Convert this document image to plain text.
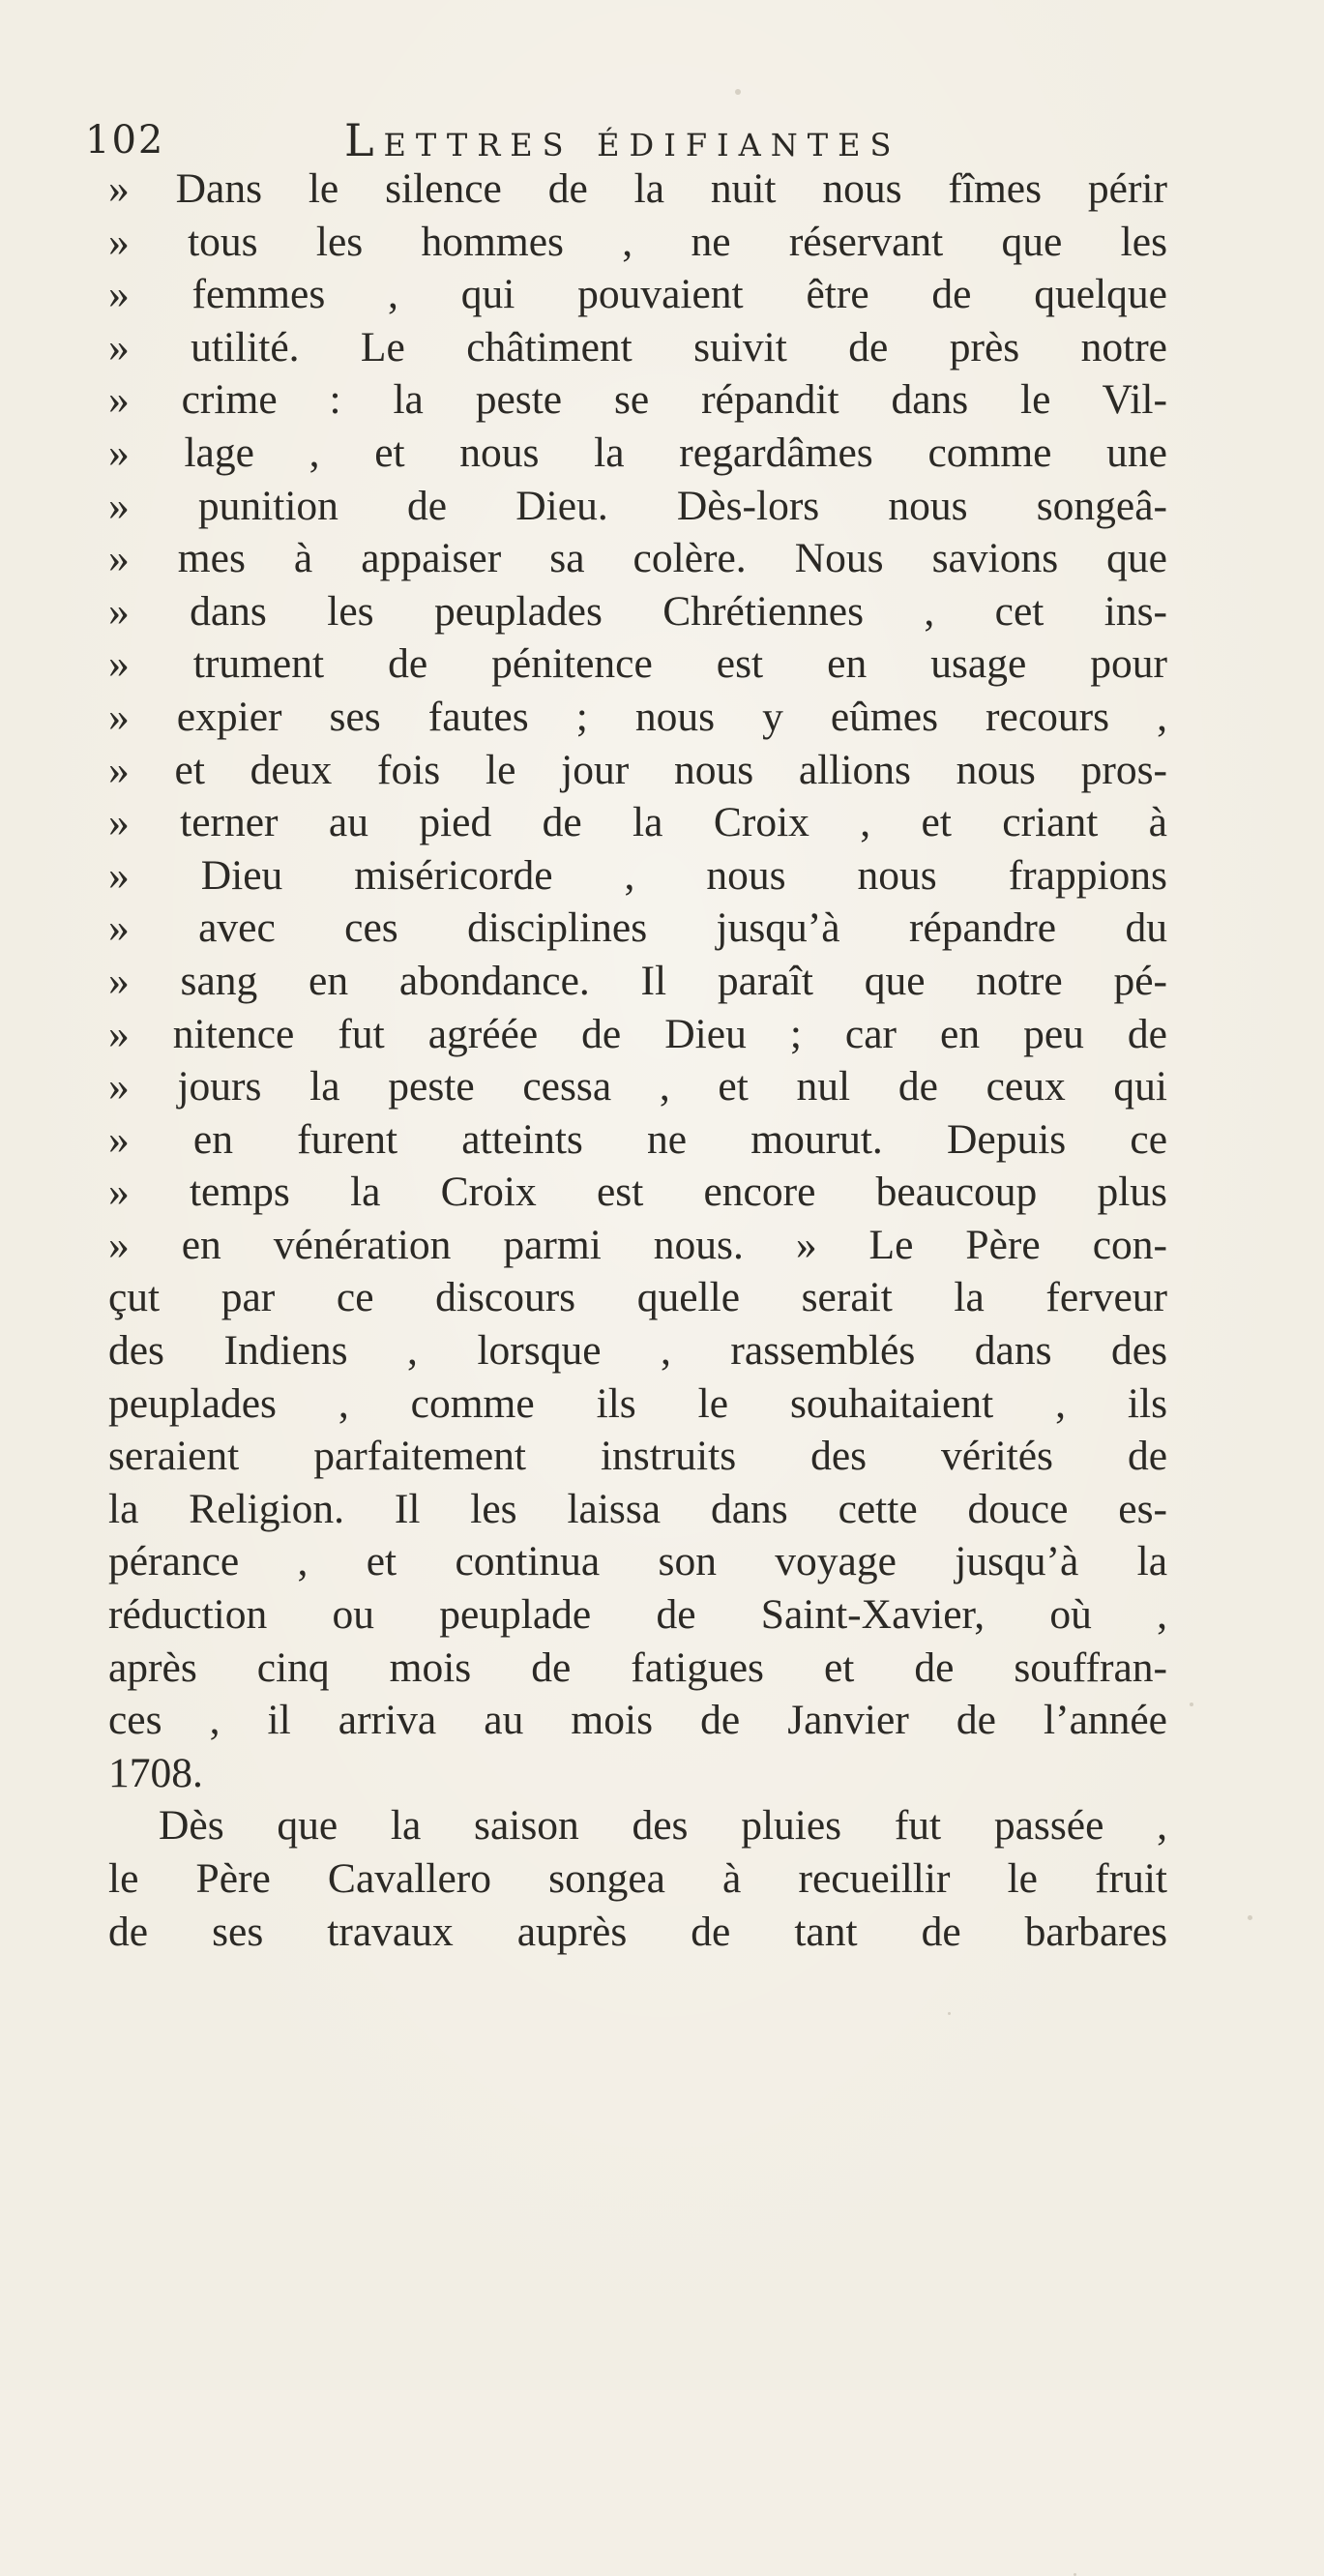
102	Lettres édifiantes
» Dans le silence de la nuit nous fîmes périr
» tous les hommes , ne réservant que les
» femmes , qui pouvaient être de quelque
» utilité. Le châtiment suivit de près notre
» crime : la peste se répandit dans le Vil-
» lage , et nous la regardâmes comme une
» punition de Dieu. Dès-lors nous songeâ-
» mes à appaiser sa colère. Nous savions que
» dans les peuplades Chrétiennes , cet ins-
» trument de pénitence est en usage pour
» expier ses fautes ; nous y eûmes recours ,
» et deux fois le jour nous allions nous pros-
» terner au pied de la Croix , et criant à
» Dieu miséricorde , nous nous frappions
» avec ces disciplines jusqu’à répandre du
» sang en abondance. Il paraît que notre pé-
» nitence fut agréée de Dieu ; car en peu de
» jours la peste cessa , et nul de ceux qui
» en furent atteints ne mourut. Depuis ce
» temps la Croix est encore beaucoup plus
» en vénération parmi nous. » Le Père con-
çut par ce discours quelle serait la ferveur
des Indiens , lorsque , rassemblés dans des
peuplades , comme ils le souhaitaient , ils
seraient parfaitement instruits des vérités de
la Religion. Il les laissa dans cette douce es-
pérance , et continua son voyage jusqu’à la
réduction ou peuplade de Saint-Xavier, où ,
après cinq mois de fatigues et de souffran-
ces , il arriva au mois de Janvier de l’année
1708.
Dès que la saison des pluies fut passée ,
le Père Cavallero songea à recueillir le fruit
de ses travaux auprès de tant de barbares
